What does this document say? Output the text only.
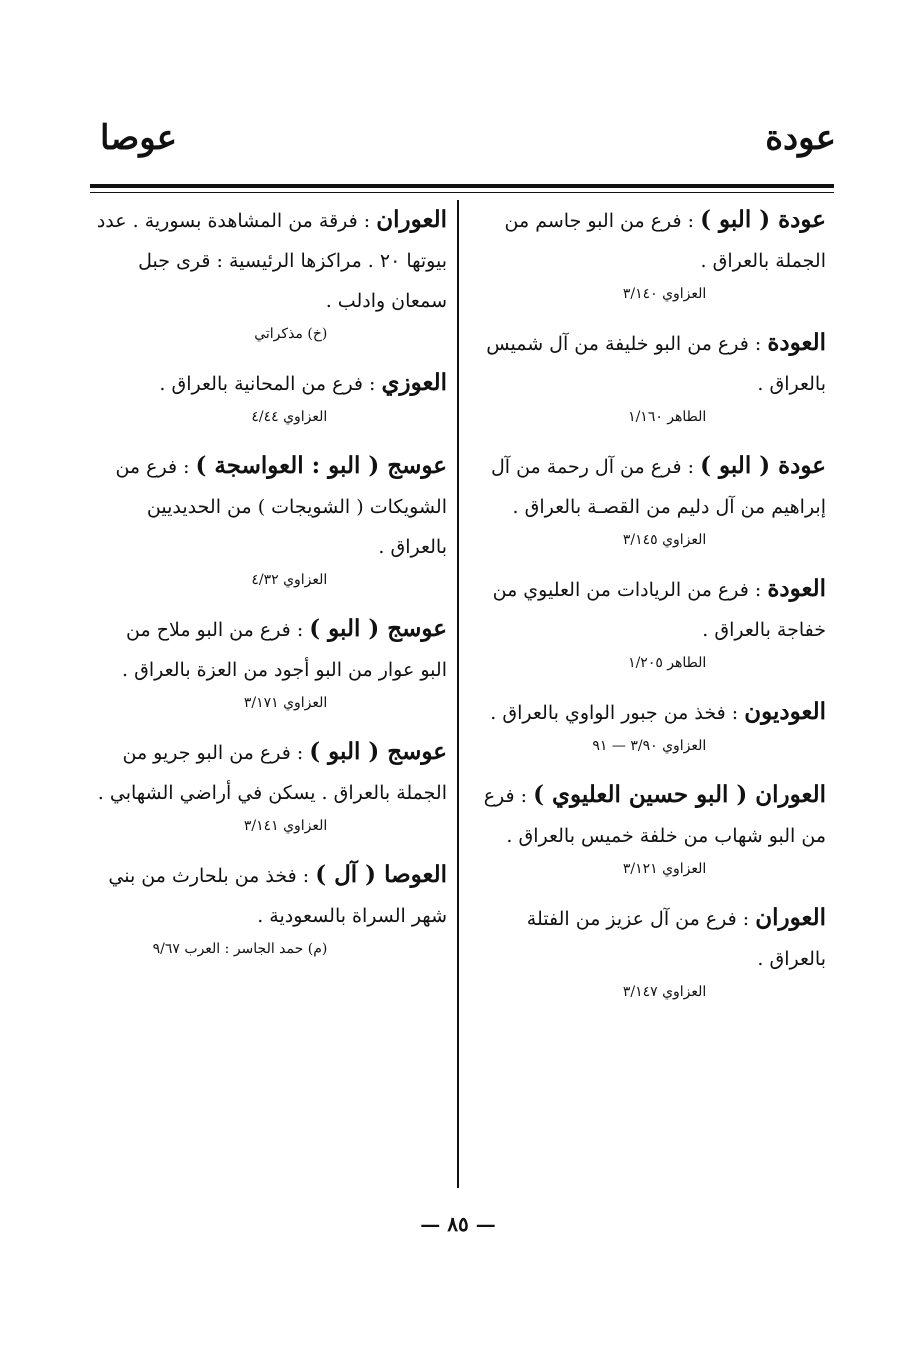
عودة
عوصا

عودة ( البو ) : فرع من البو جاسم من الجملة بالعراق .

العزاوي ٣/١٤٠

العودة : فرع من البو خليفة من آل شميس بالعراق .

الطاهر ١/١٦٠

عودة ( البو ) : فرع من آل رحمة من آل إبراهيم من آل دليم من القصـة بالعراق .

العزاوي ٣/١٤٥

العودة : فرع من الريادات من العليوي من خفاجة بالعراق .

الطاهر ١/٢٠٥

العوديون : فخذ من جبور الواوي بالعراق .

العزاوي ٣/٩٠ — ٩١

العوران ( البو حسين العليوي ) : فرع من البو شهاب من خلفة خميس بالعراق .

العزاوي ٣/١٢١

العوران : فرع من آل عزيز من الفتلة بالعراق .

العزاوي ٣/١٤٧

العوران : فرقة من المشاهدة بسورية . عدد بيوتها ٢٠ . مراكزها الرئيسية : قرى جبل سمعان وادلب .

(خ) مذكراتي

العوزي : فرع من المحانية بالعراق .

العزاوي ٤/٤٤

عوسج ( البو : العواسجة ) : فرع من الشويكات ( الشويجات ) من الحديديين بالعراق .

العزاوي ٤/٣٢

عوسج ( البو ) : فرع من البو ملاح من البو عوار من البو أجود من العزة بالعراق .

العزاوي ٣/١٧١

عوسج ( البو ) : فرع من البو جريو من الجملة بالعراق . يسكن في أراضي الشهابي .

العزاوي ٣/١٤١

العوصا ( آل ) : فخذ من بلحارث من بني شهر السراة بالسعودية .

(م) حمد الجاسر : العرب ٩/٦٧

— ٨٥ —
